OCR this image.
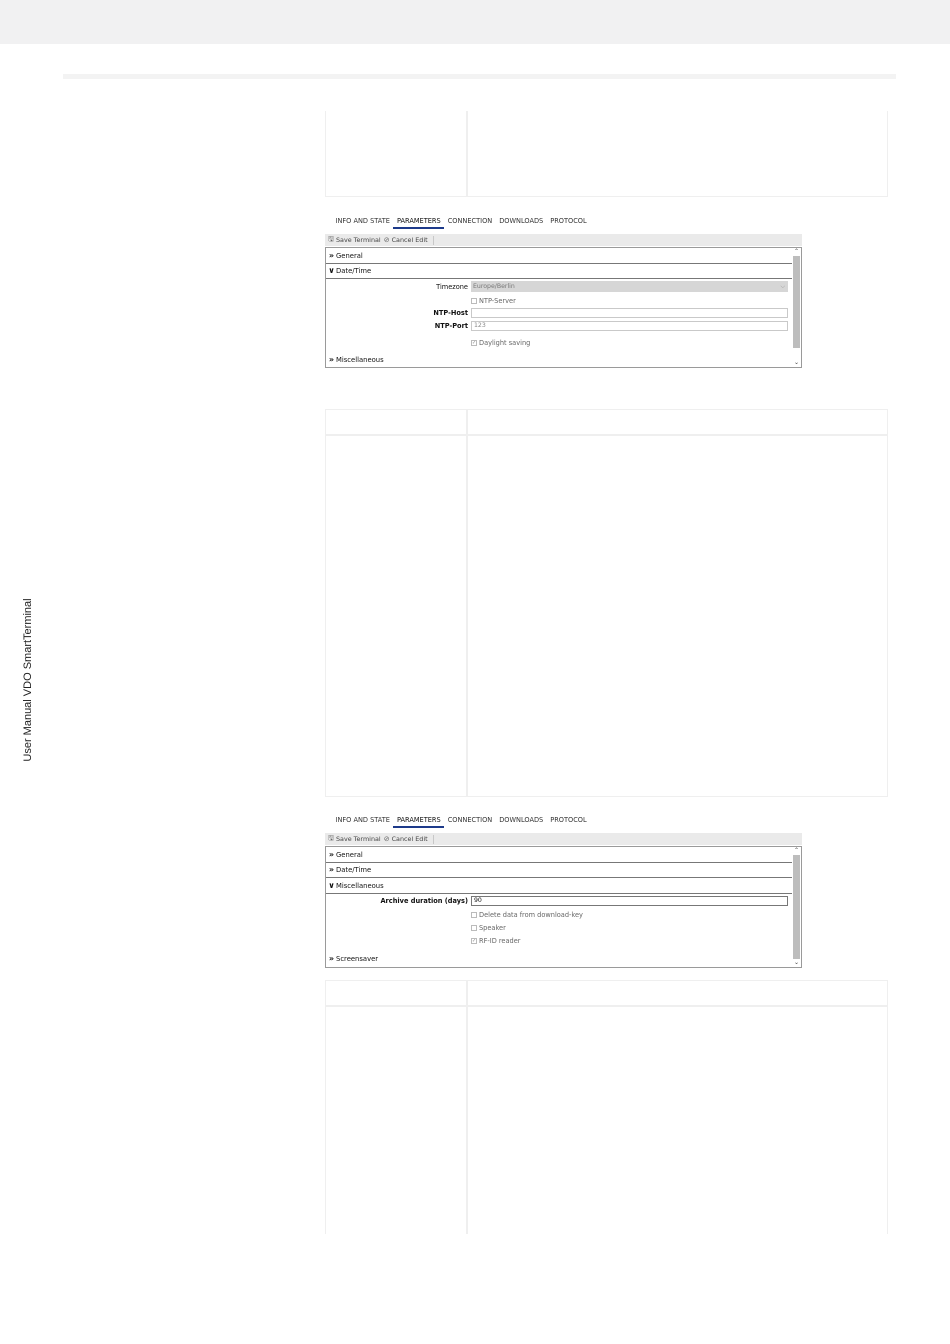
User Manual VDO SmartTerminal
INFO AND STATE	PARAMETERS	CONNECTION	DOWNLOADS	PROTOCOL
🖫 Save Terminal ⊘ Cancel Edit
» General
∨ Date/Time
Timezone Europe/Berlin	⌵
NTP-Server
NTP-Host
NTP-Port 123
✓ Daylight saving
» Miscellaneous
⌃
⌄
INFO AND STATE	PARAMETERS	CONNECTION	DOWNLOADS	PROTOCOL
🖫 Save Terminal ⊘ Cancel Edit
» General
» Date/Time
∨ Miscellaneous
Archive duration (days) 90
Delete data from download-key
Speaker
✓ RF-ID reader
» Screensaver
⌃
⌄
